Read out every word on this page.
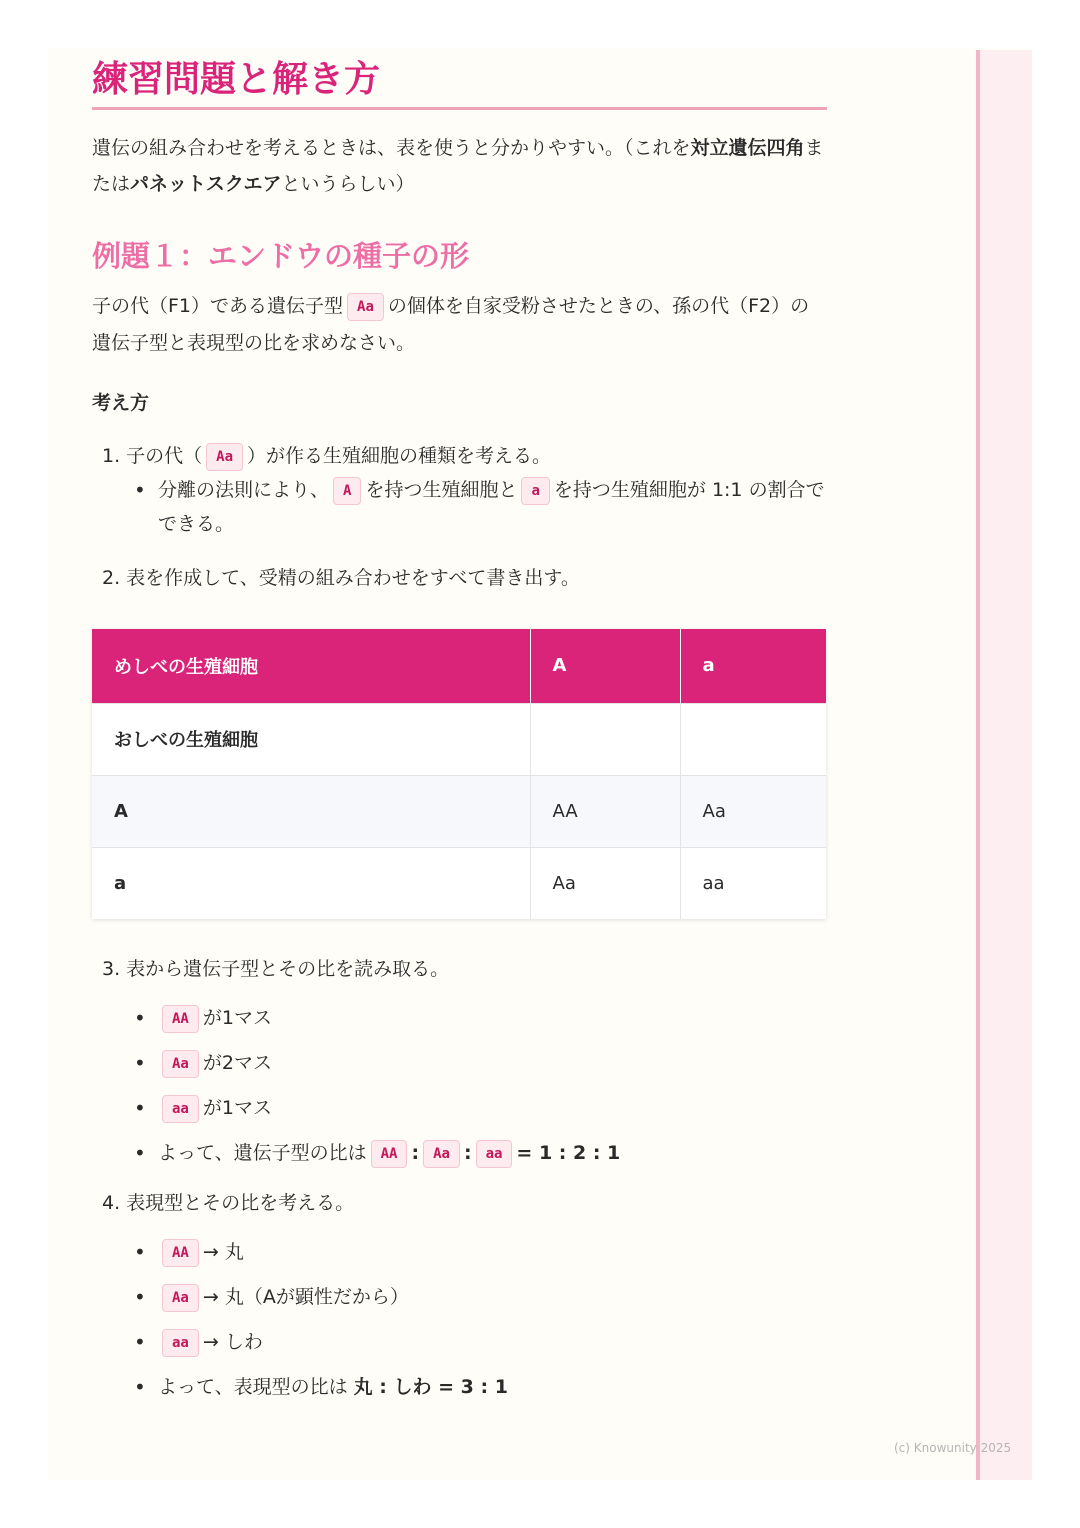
練習問題と解き方

遺伝の組み合わせを考えるときは、表を使うと分かりやすい。（これを対立遺伝四角またはパネットスクエアというらしい）

例題１：エンドウの種子の形

子の代（F1）である遺伝子型 Aa の個体を自家受粉させたときの、孫の代（F2）の遺伝子型と表現型の比を求めなさい。

考え方

1. 子の代（ Aa ）が作る生殖細胞の種類を考える。

• 分離の法則により、 A を持つ生殖細胞と a を持つ生殖細胞が 1:1 の割合でできる。

2. 表を作成して、受精の組み合わせをすべて書き出す。

めしべの生殖細胞	A	a
おしべの生殖細胞		
A	AA	Aa
a	Aa	aa

3. 表から遺伝子型とその比を読み取る。

• AA が1マス
• Aa が2マス
• aa が1マス
• よって、遺伝子型の比は AA : Aa : aa = 1 : 2 : 1

4. 表現型とその比を考える。

• AA → 丸
• Aa → 丸（Aが顕性だから）
• aa → しわ
• よって、表現型の比は 丸 : しわ = 3 : 1
(c) Knowunity 2025
